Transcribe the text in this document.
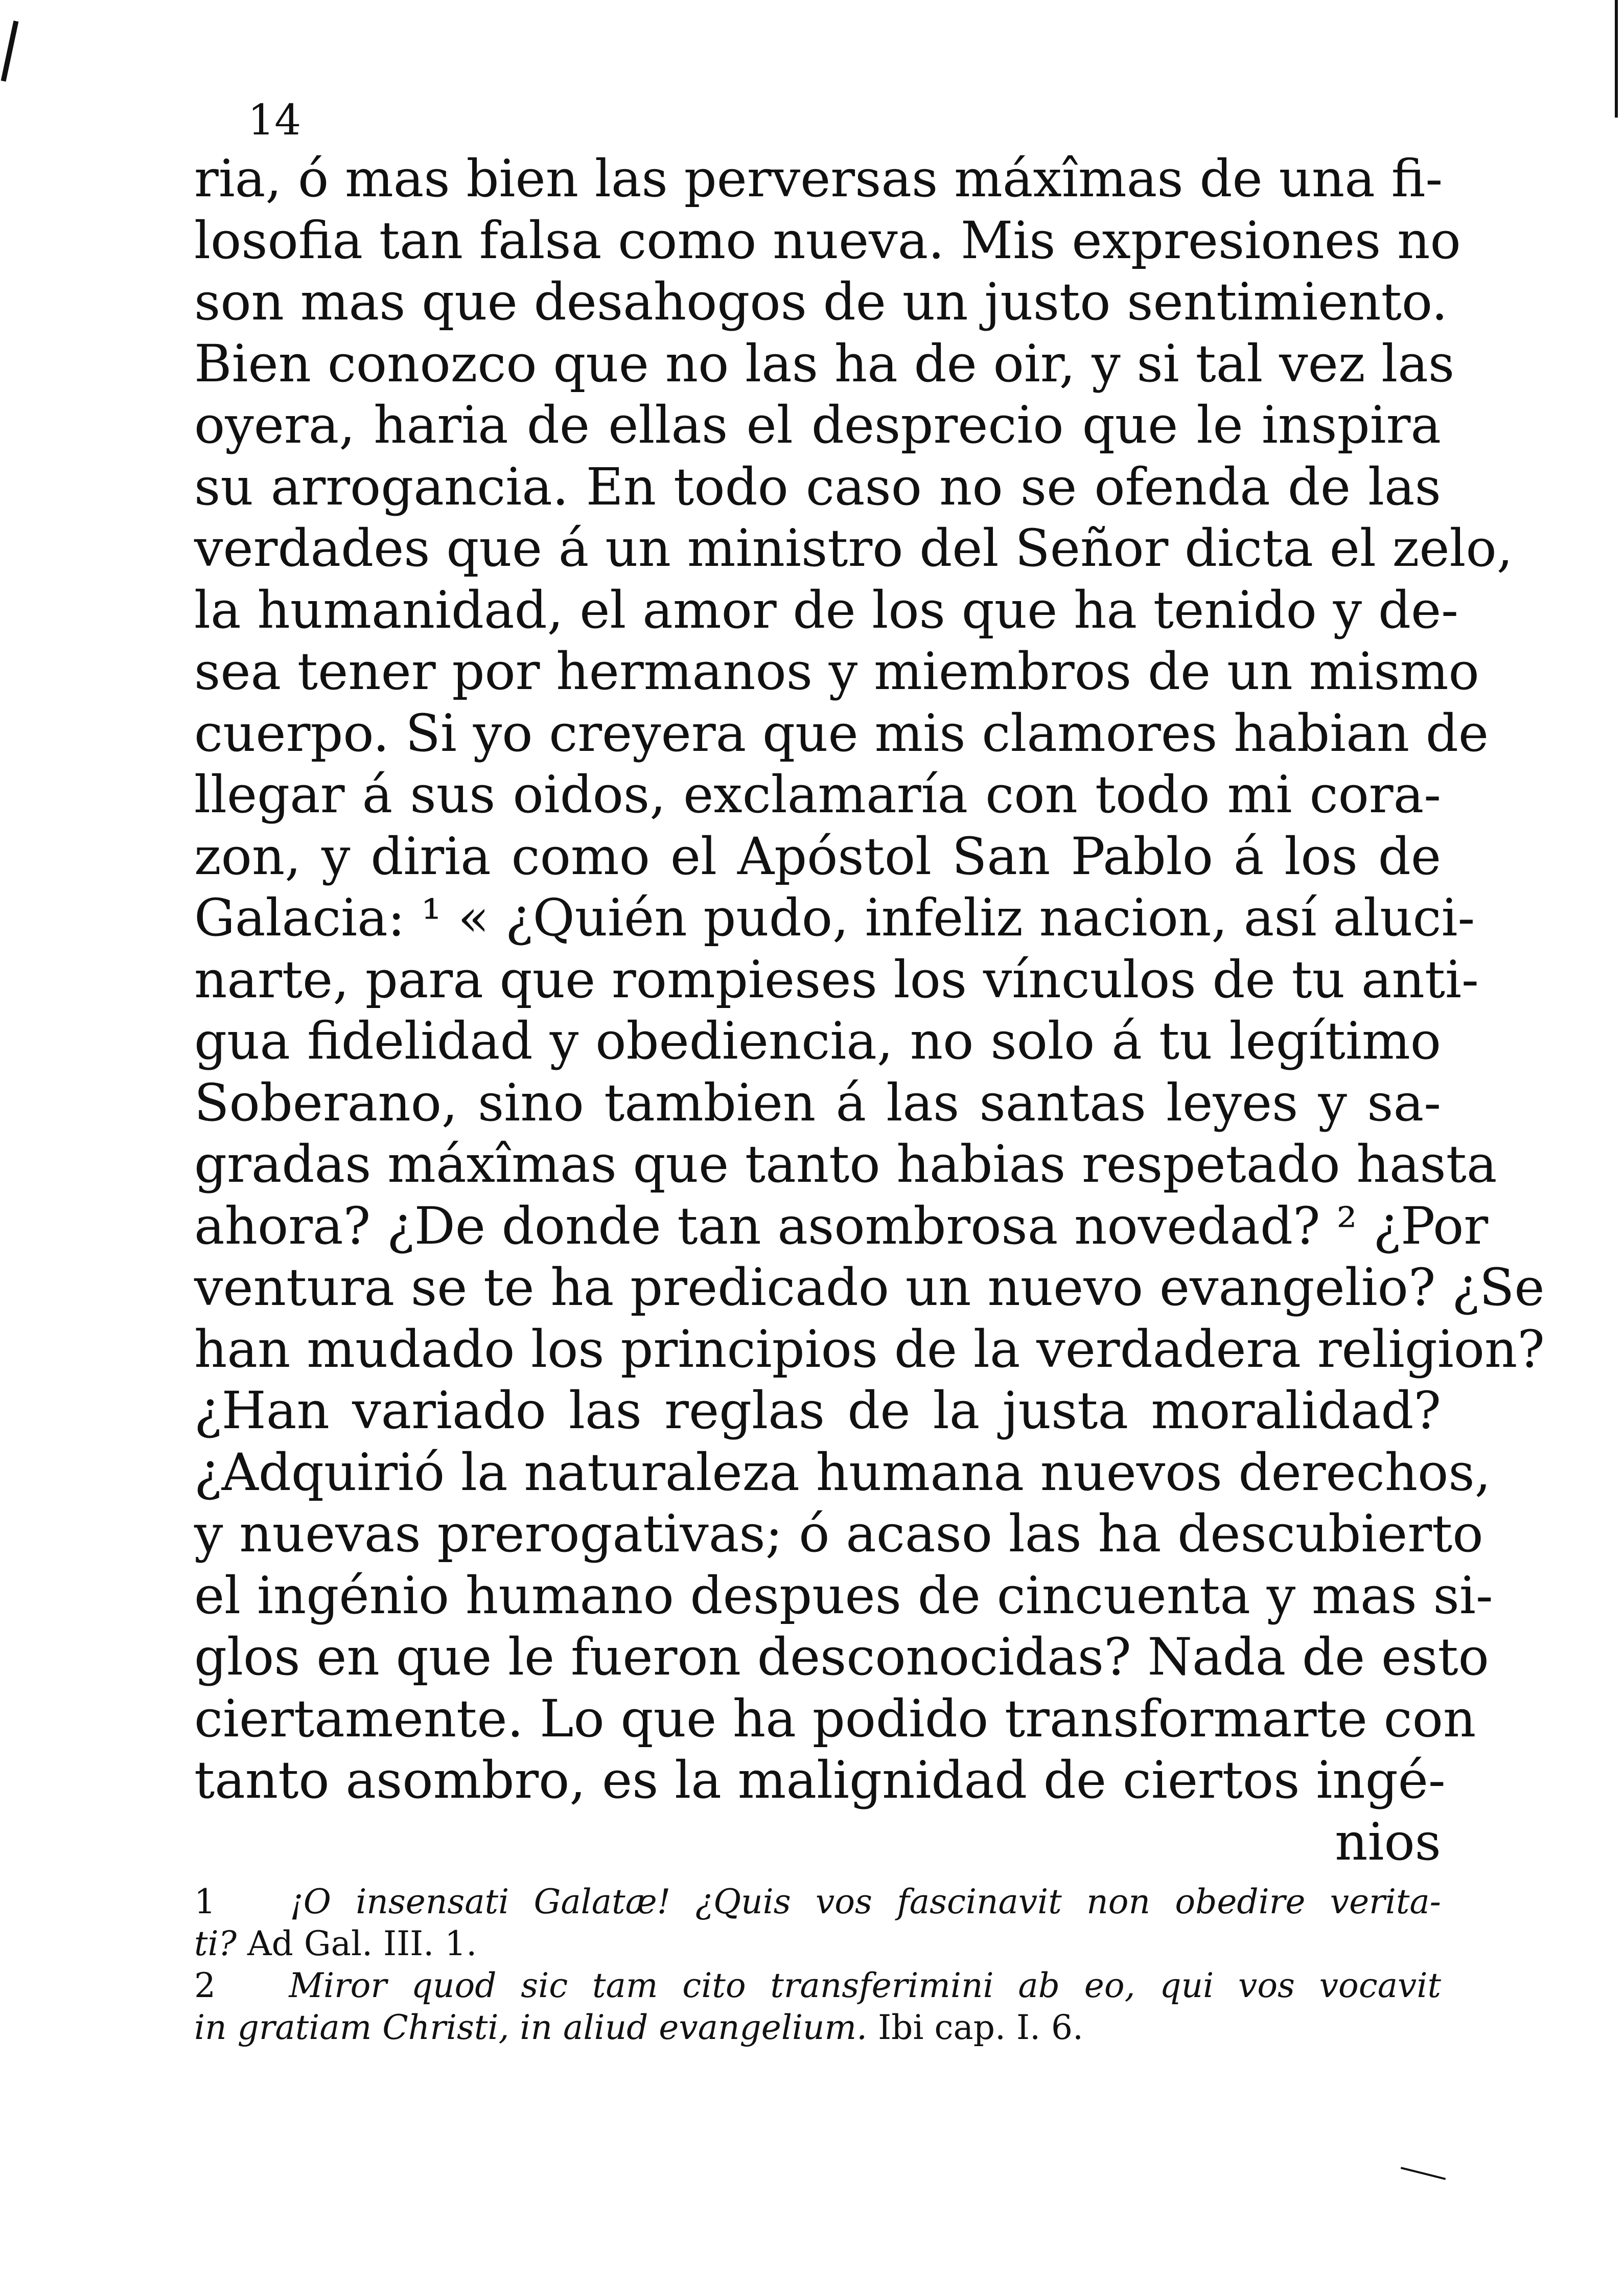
14
ria, ó mas bien las perversas máxîmas de una fi-
losofia tan falsa como nueva. Mis expresiones no
son mas que desahogos de un justo sentimiento.
Bien conozco que no las ha de oir, y si tal vez las
oyera, haria de ellas el desprecio que le inspira
su arrogancia. En todo caso no se ofenda de las
verdades que á un ministro del Señor dicta el zelo,
la humanidad, el amor de los que ha tenido y de-
sea tener por hermanos y miembros de un mismo
cuerpo. Si yo creyera que mis clamores habian de
llegar á sus oidos, exclamaría con todo mi cora-
zon, y diria como el Apóstol San Pablo á los de
Galacia: ¹ « ¿Quién pudo, infeliz nacion, así aluci-
narte, para que rompieses los vínculos de tu anti-
gua fidelidad y obediencia, no solo á tu legítimo
Soberano, sino tambien á las santas leyes y sa-
gradas máxîmas que tanto habias respetado hasta
ahora? ¿De donde tan asombrosa novedad? ² ¿Por
ventura se te ha predicado un nuevo evangelio? ¿Se
han mudado los principios de la verdadera religion?
¿Han variado las reglas de la justa moralidad?
¿Adquirió la naturaleza humana nuevos derechos,
y nuevas prerogativas; ó acaso las ha descubierto
el ingénio humano despues de cincuenta y mas si-
glos en que le fueron desconocidas? Nada de esto
ciertamente. Lo que ha podido transformarte con
tanto asombro, es la malignidad de ciertos ingé-
nios
1 ¡O insensati Galatæ! ¿Quis vos fascinavit non obedire verita-
ti? Ad Gal. III. 1.
2 Miror quod sic tam cito transferimini ab eo, qui vos vocavit
in gratiam Christi, in aliud evangelium. Ibi cap. I. 6.
